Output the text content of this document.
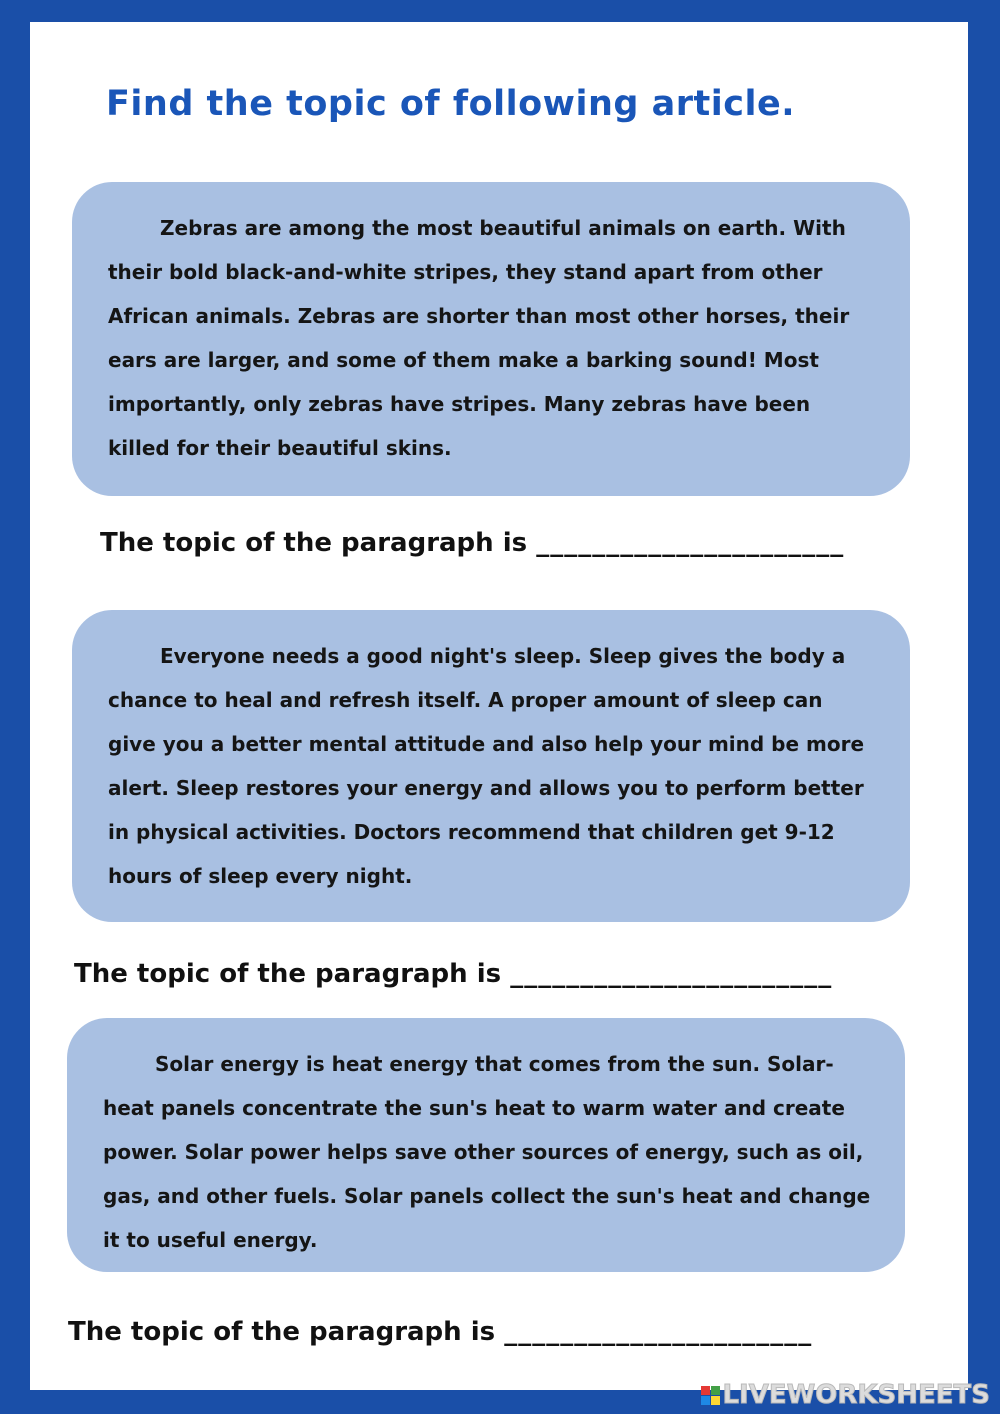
Find the topic of following article.

Zebras are among the most beautiful animals on earth. With their bold black-and-white stripes, they stand apart from other African animals. Zebras are shorter than most other horses, their ears are larger, and some of them make a barking sound! Most importantly, only zebras have stripes. Many zebras have been killed for their beautiful skins.

The topic of the paragraph is ______________________

Everyone needs a good night's sleep. Sleep gives the body a chance to heal and refresh itself. A proper amount of sleep can give you a better mental attitude and also help your mind be more alert. Sleep restores your energy and allows you to perform better in physical activities. Doctors recommend that children get 9-12 hours of sleep every night.

The topic of the paragraph is _______________________

Solar energy is heat energy that comes from the sun. Solar-heat panels concentrate the sun's heat to warm water and create power. Solar power helps save other sources of energy, such as oil, gas, and other fuels. Solar panels collect the sun's heat and change it to useful energy.

The topic of the paragraph is ______________________
LIVEWORKSHEETS
